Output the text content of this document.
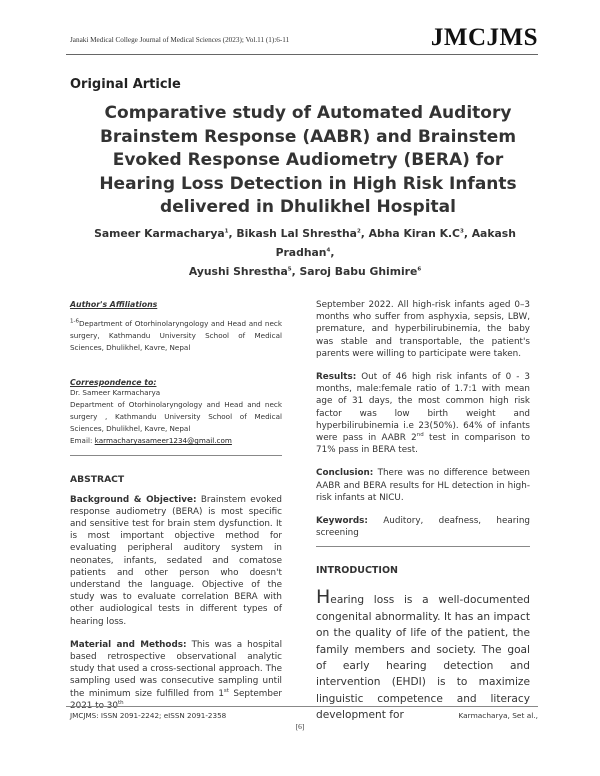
Janaki Medical College Journal of Medical Sciences (2023); Vol.11 (1):6-11	JMCJMS
Original Article
Comparative study of Automated Auditory Brainstem Response (AABR) and Brainstem Evoked Response Audiometry (BERA) for Hearing Loss Detection in High Risk Infants delivered in Dhulikhel Hospital
Sameer Karmacharya$^1$, Bikash Lal Shrestha$^2$, Abha Kiran $K.C^3$, Aakash Pradhan$^4$,
Ayushi Shrestha$^5$, Saroj Babu Ghimire$^6$
Author's Affiliations

$^{1-6}$Department of Otorhinolaryngology and Head and neck surgery, Kathmandu University School of Medical Sciences, Dhulikhel, Kavre, Nepal

Correspondence to:

Dr. Sameer Karmacharya

Department of Otorhinolaryngology and Head and neck surgery , Kathmandu University School of Medical Sciences, Dhulikhel, Kavre, Nepal

Email: karmacharyasameer1234@gmail.com

ABSTRACT

Background & Objective: Brainstem evoked response audiometry (BERA) is most specific and sensitive test for brain stem dysfunction. It is most important objective method for evaluating peripheral auditory system in neonates, infants, sedated and comatose patients and other person who doesn't understand the language. Objective of the study was to evaluate correlation BERA with other audiological tests in different types of hearing loss.

Material and Methods: This was a hospital based retrospective observational analytic study that used a cross-sectional approach. The sampling used was consecutive sampling until the minimum size fulfilled from 1st September 2021 to 30th

September 2022. All high-risk infants aged 0–3 months who suffer from asphyxia, sepsis, LBW, premature, and hyperbilirubinemia, the baby was stable and transportable, the patient's parents were willing to participate were taken.

Results: Out of 46 high risk infants of 0 - 3 months, male:female ratio of 1.7:1 with mean age of 31 days, the most common high risk factor was low birth weight and hyperbilirubinemia i.e 23(50%). 64% of infants were pass in AABR 2nd test in comparison to 71% pass in BERA test.

Conclusion: There was no difference between AABR and BERA results for HL detection in high-risk infants at NICU.

Keywords: Auditory, deafness, hearing screening

INTRODUCTION

Hearing loss is a well-documented congenital abnormality. It has an impact on the quality of life of the patient, the family members and society. The goal of early hearing detection and intervention (EHDI) is to maximize linguistic competence and literacy development for

JMCJMS: ISSN 2091-2242; eISSN 2091-2358	Karmacharya, Set al.,
[6]
